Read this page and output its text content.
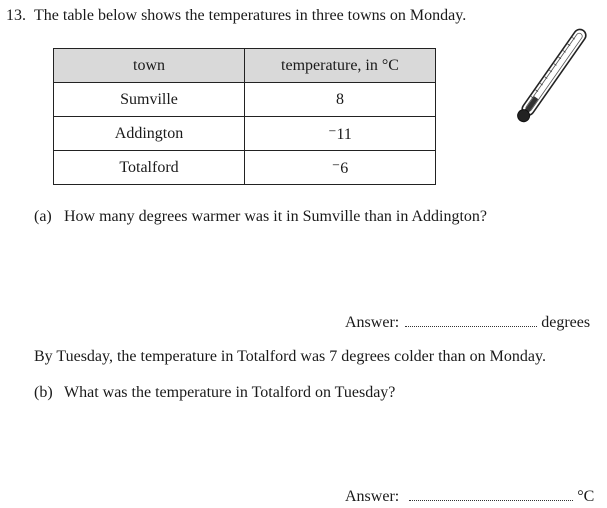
13. The table below shows the temperatures in three towns on Monday.
town	temperature, in °C
Sumville	8
Addington	⁻11
Totalford	⁻6
(a) How many degrees warmer was it in Sumville than in Addington?
Answer:	degrees
By Tuesday, the temperature in Totalford was 7 degrees colder than on Monday.
(b) What was the temperature in Totalford on Tuesday?
Answer:	°C
